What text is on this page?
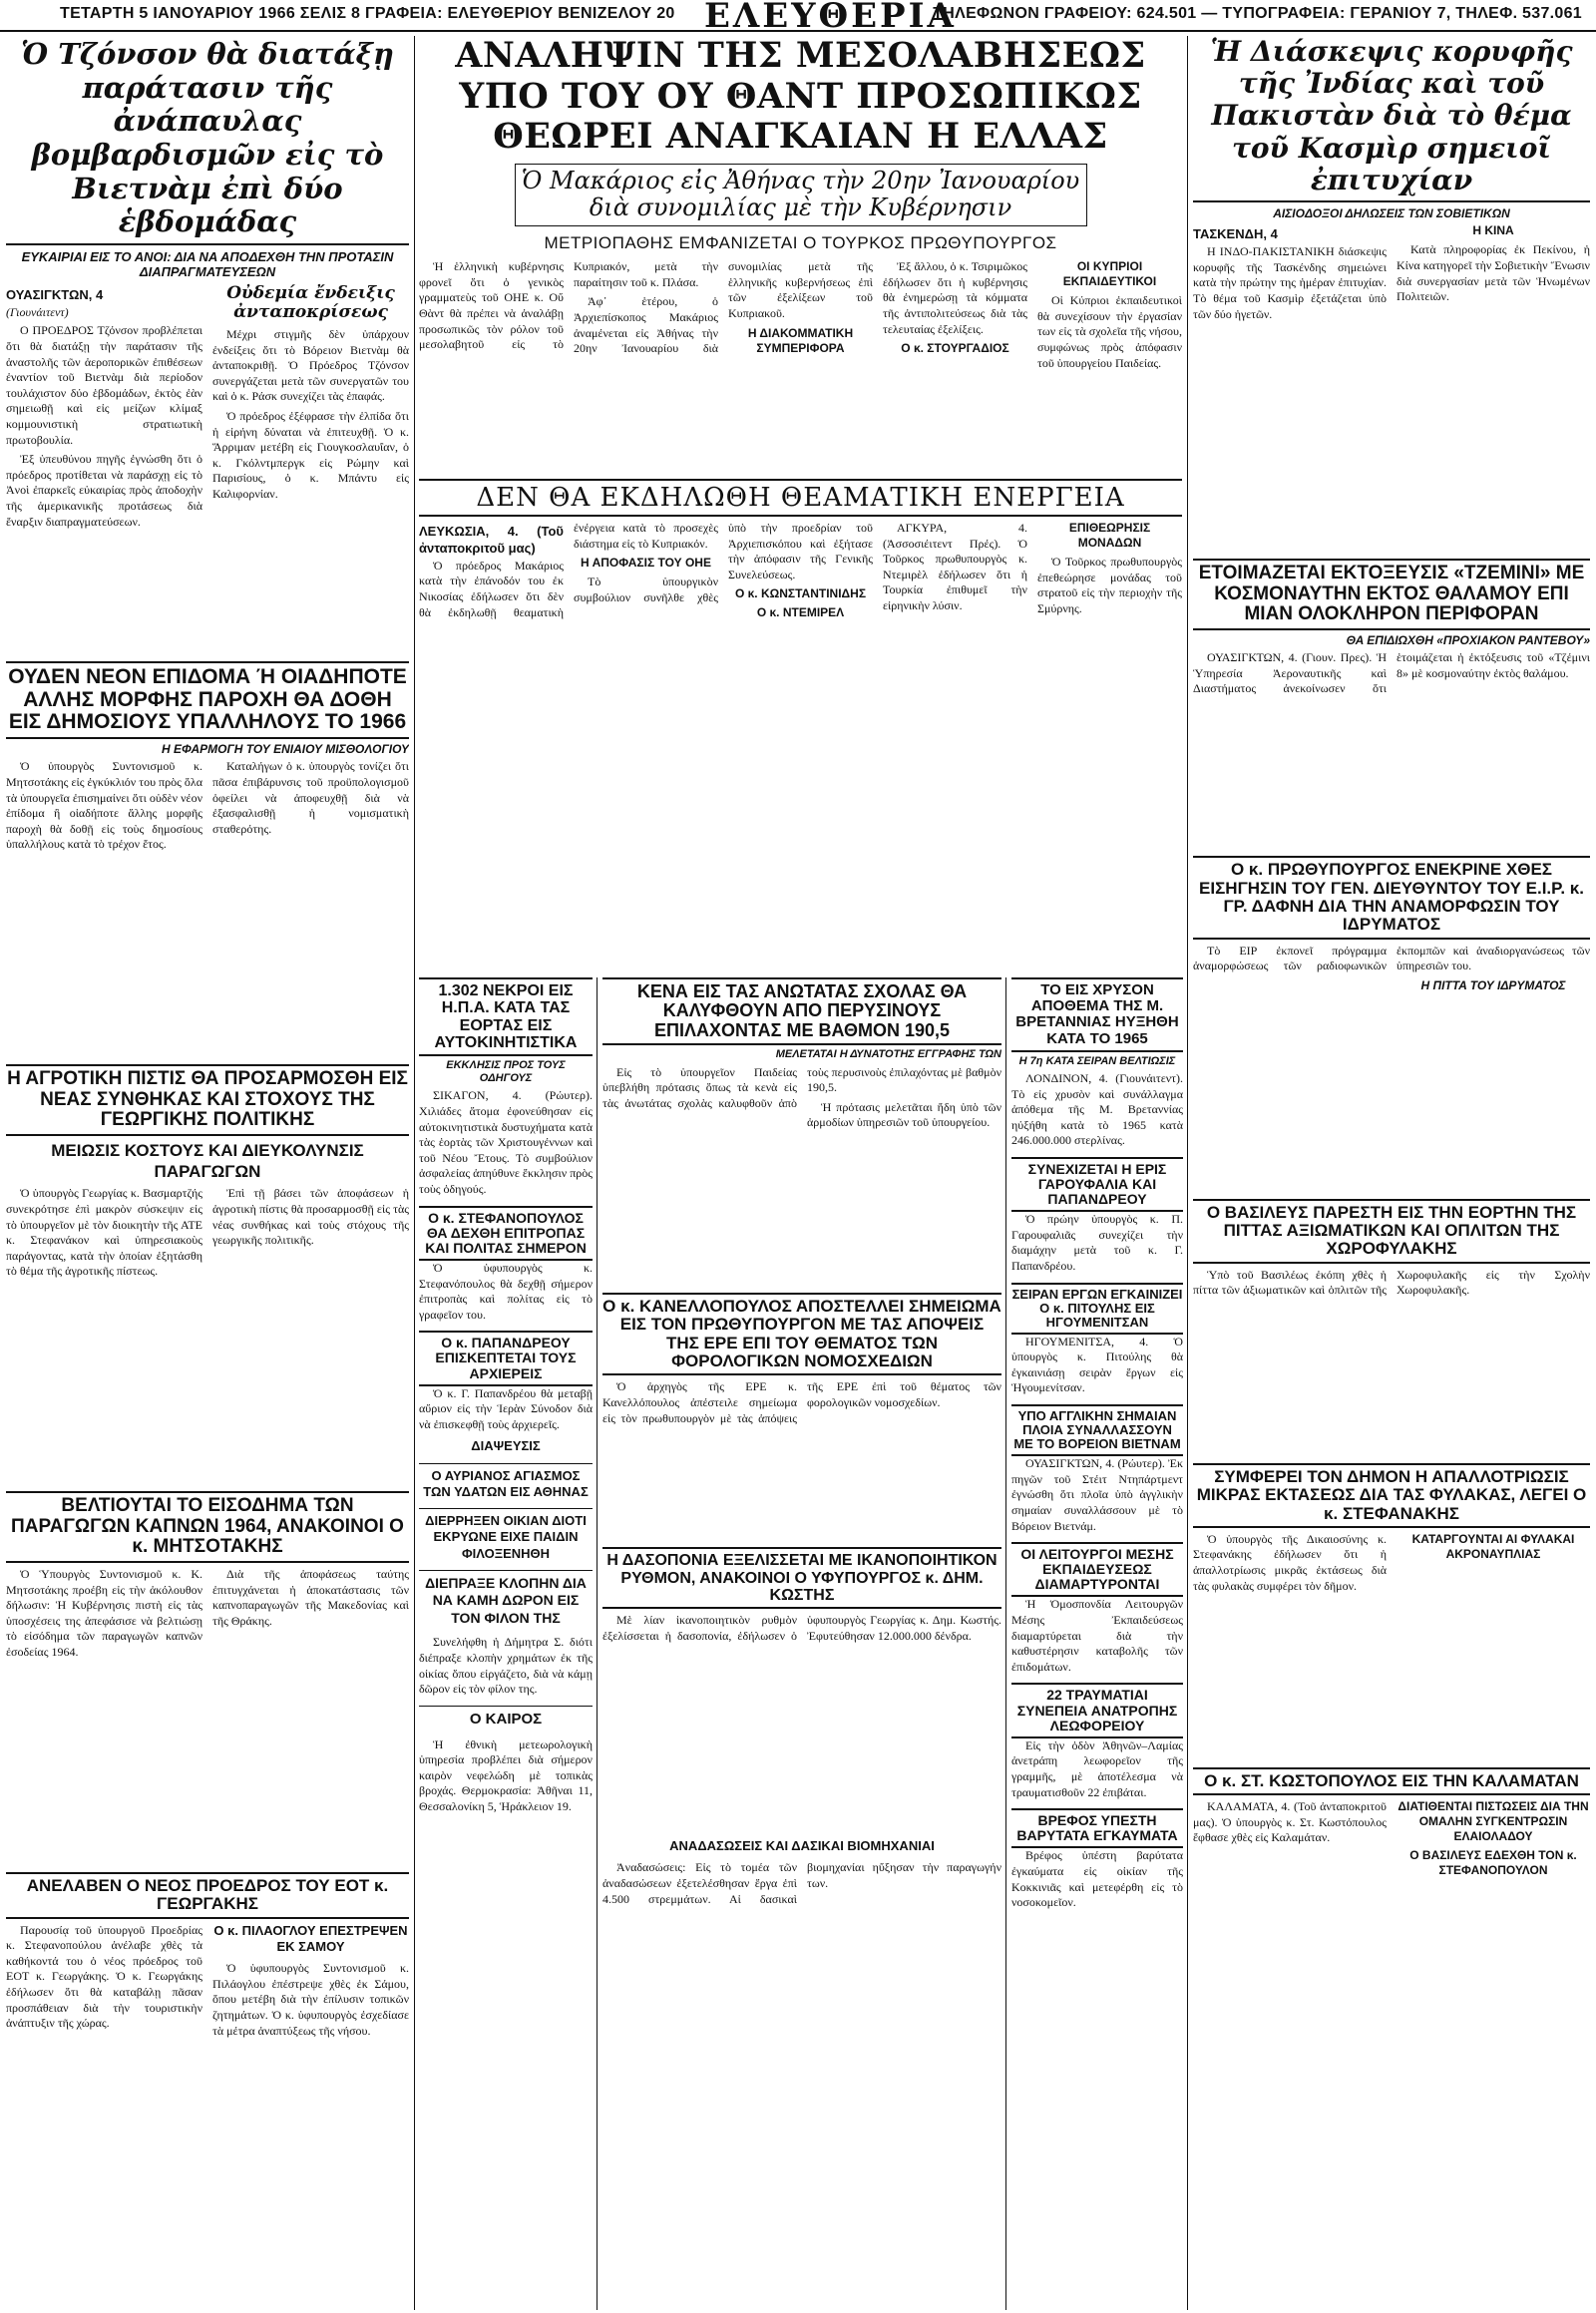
ΤΕΤΑΡΤΗ 5 ΙΑΝΟΥΑΡΙΟΥ 1966 ΣΕΛΙΣ 8 ΓΡΑΦΕΙΑ: ΕΛΕΥΘΕΡΙΟΥ ΒΕΝΙΖΕΛΟΥ 20 ΕΛΕΥΘΕΡΙΑ
ΤΗΛΕΦΩΝΟΝ ΓΡΑΦΕΙΟΥ: 624.501 — ΤΥΠΟΓΡΑΦΕΙΑ: ΓΕΡΑΝΙΟΥ 7, ΤΗΛΕΦ. 537.061
Ὁ Τζόνσον θὰ διατάξῃ παράτασιν τῆς ἀνάπαυλας βομβαρδισμῶν εἰς τὸ Βιετνὰμ ἐπὶ δύο ἑβδομάδας
ΕΥΚΑΙΡΙΑΙ ΕΙΣ ΤΟ ΑΝΟΙ: ΔΙΑ ΝΑ ΑΠΟΔΕΧΘΗ ΤΗΝ ΠΡΟΤΑΣΙΝ ΔΙΑΠΡΑΓΜΑΤΕΥΣΕΩΝ
ΟΥΑΣΙΓΚΤΩΝ, 4
(Γιουνάιτεντ)

Ο ΠΡΟΕΔΡΟΣ Τζόνσον προβλέπεται ὅτι θὰ διατάξῃ τὴν παράτασιν τῆς ἀναστολῆς τῶν ἀεροπορικῶν ἐπιθέσεων ἐναντίον τοῦ Βιετνὰμ διὰ περίοδον τουλάχιστον δύο ἑβδομάδων, ἐκτὸς ἐὰν σημειωθῇ καὶ εἰς μείζων κλίμαξ κομμουνιστικὴ στρατιωτικὴ πρωτοβουλία.

Ἐξ ὑπευθύνου πηγῆς ἐγνώσθη ὅτι ὁ πρόεδρος προτίθεται νὰ παράσχῃ εἰς τὸ Ἀνοὶ ἐπαρκεῖς εὐκαιρίας πρὸς ἀποδοχὴν τῆς ἀμερικανικῆς προτάσεως διὰ ἔναρξιν διαπραγματεύσεων.

Οὐδεμία ἔνδειξις ἀνταποκρίσεως

Μέχρι στιγμῆς δὲν ὑπάρχουν ἐνδείξεις ὅτι τὸ Βόρειον Βιετνὰμ θὰ ἀνταποκριθῇ. Ὁ Πρόεδρος Τζόνσον συνεργάζεται μετὰ τῶν συνεργατῶν του καὶ ὁ κ. Ράσκ συνεχίζει τὰς ἐπαφάς.

Ὁ πρόεδρος ἐξέφρασε τὴν ἐλπίδα ὅτι ἡ εἰρήνη δύναται νὰ ἐπιτευχθῇ. Ὁ κ. Ἅρριμαν μετέβη εἰς Γιουγκοσλαυΐαν, ὁ κ. Γκόλντμπεργκ εἰς Ρώμην καὶ Παρισίους, ὁ κ. Μπάντυ εἰς Καλιφορνίαν.

ΟΥΔΕΝ ΝΕΟΝ ΕΠΙΔΟΜΑ Ή ΟΙΑΔΗΠΟΤΕ ΑΛΛΗΣ ΜΟΡΦΗΣ ΠΑΡΟΧΗ ΘΑ ΔΟΘΗ ΕΙΣ ΔΗΜΟΣΙΟΥΣ ΥΠΑΛΛΗΛΟΥΣ ΤΟ 1966
Η ΕΦΑΡΜΟΓΗ ΤΟΥ ΕΝΙΑΙΟΥ ΜΙΣΘΟΛΟΓΙΟΥ

Ὁ ὑπουργὸς Συντονισμοῦ κ. Μητσοτάκης εἰς ἐγκύκλιόν του πρὸς ὅλα τὰ ὑπουργεῖα ἐπισημαίνει ὅτι οὐδὲν νέον ἐπίδομα ἢ οἱαδήποτε ἄλλης μορφῆς παροχὴ θὰ δοθῇ εἰς τοὺς δημοσίους ὑπαλλήλους κατὰ τὸ τρέχον ἔτος.

Καταλήγων ὁ κ. ὑπουργὸς τονίζει ὅτι πᾶσα ἐπιβάρυνσις τοῦ προϋπολογισμοῦ ὀφείλει νὰ ἀποφευχθῇ διὰ νὰ ἐξασφαλισθῇ ἡ νομισματικὴ σταθερότης.

Η ΑΓΡΟΤΙΚΗ ΠΙΣΤΙΣ ΘΑ ΠΡΟΣΑΡΜΟΣΘΗ ΕΙΣ ΝΕΑΣ ΣΥΝΘΗΚΑΣ ΚΑΙ ΣΤΟΧΟΥΣ ΤΗΣ ΓΕΩΡΓΙΚΗΣ ΠΟΛΙΤΙΚΗΣ
ΜΕΙΩΣΙΣ ΚΟΣΤΟΥΣ ΚΑΙ ΔΙΕΥΚΟΛΥΝΣΙΣ ΠΑΡΑΓΩΓΩΝ

Ὁ ὑπουργὸς Γεωργίας κ. Βασμαρτζής συνεκρότησε ἐπὶ μακρὸν σύσκεψιν εἰς τὸ ὑπουργεῖον μὲ τὸν διοικητὴν τῆς ΑΤΕ κ. Στεφανάκον καὶ ὑπηρεσιακοὺς παράγοντας, κατὰ τὴν ὁποίαν ἐξητάσθη τὸ θέμα τῆς ἀγροτικῆς πίστεως.

Ἐπὶ τῇ βάσει τῶν ἀποφάσεων ἡ ἀγροτικὴ πίστις θὰ προσαρμοσθῇ εἰς τὰς νέας συνθήκας καὶ τοὺς στόχους τῆς γεωργικῆς πολιτικῆς.

ΒΕΛΤΙΟΥΤΑΙ ΤΟ ΕΙΣΟΔΗΜΑ ΤΩΝ ΠΑΡΑΓΩΓΩΝ ΚΑΠΝΩΝ 1964, ΑΝΑΚΟΙΝΟΙ Ο κ. ΜΗΤΣΟΤΑΚΗΣ

Ὁ Ὑπουργὸς Συντονισμοῦ κ. Κ. Μητσοτάκης προέβη εἰς τὴν ἀκόλουθον δήλωσιν: Ἡ Κυβέρνησις πιστὴ εἰς τὰς ὑποσχέσεις της ἀπεφάσισε νὰ βελτιώσῃ τὸ εἰσόδημα τῶν παραγωγῶν καπνῶν ἐσοδείας 1964.

Διὰ τῆς ἀποφάσεως ταύτης ἐπιτυγχάνεται ἡ ἀποκατάστασις τῶν καπνοπαραγωγῶν τῆς Μακεδονίας καὶ τῆς Θράκης.

ΑΝΕΛΑΒΕΝ Ο ΝΕΟΣ ΠΡΟΕΔΡΟΣ ΤΟΥ ΕΟΤ κ. ΓΕΩΡΓΑΚΗΣ

Παρουσίᾳ τοῦ ὑπουργοῦ Προεδρίας κ. Στεφανοπούλου ἀνέλαβε χθὲς τὰ καθήκοντά του ὁ νέος πρόεδρος τοῦ ΕΟΤ κ. Γεωργάκης. Ὁ κ. Γεωργάκης ἐδήλωσεν ὅτι θὰ καταβάλῃ πᾶσαν προσπάθειαν διὰ τὴν τουριστικὴν ἀνάπτυξιν τῆς χώρας.

Ο κ. ΠΙΛΑΟΓΛΟΥ ΕΠΕΣΤΡΕΨΕΝ ΕΚ ΣΑΜΟΥ

Ὁ ὑφυπουργὸς Συντονισμοῦ κ. Πιλάογλου ἐπέστρεψε χθὲς ἐκ Σάμου, ὅπου μετέβη διὰ τὴν ἐπίλυσιν τοπικῶν ζητημάτων. Ὁ κ. ὑφυπουργὸς ἐσχεδίασε τὰ μέτρα ἀναπτύξεως τῆς νήσου.

ΑΝΑΛΗΨΙΝ ΤΗΣ ΜΕΣΟΛΑΒΗΣΕΩΣ ΥΠΟ ΤΟΥ ΟΥ ΘΑΝΤ ΠΡΟΣΩΠΙΚΩΣ ΘΕΩΡΕΙ ΑΝΑΓΚΑΙΑΝ Η ΕΛΛΑΣ
Ὁ Μακάριος εἰς Ἀθήνας τὴν 20ην Ἰανουαρίου διὰ συνομιλίας μὲ τὴν Κυβέρνησιν
ΜΕΤΡΙΟΠΑΘΗΣ ΕΜΦΑΝΙΖΕΤΑΙ Ο ΤΟΥΡΚΟΣ ΠΡΩΘΥΠΟΥΡΓΟΣ

Ἡ ἑλληνικὴ κυβέρνησις φρονεῖ ὅτι ὁ γενικὸς γραμματεὺς τοῦ ΟΗΕ κ. Οὔ Θὰντ θὰ πρέπει νὰ ἀναλάβῃ προσωπικῶς τὸν ρόλον τοῦ μεσολαβητοῦ εἰς τὸ Κυπριακόν, μετὰ τὴν παραίτησιν τοῦ κ. Πλάσα.

Ἀφ᾽ ἑτέρου, ὁ Ἀρχιεπίσκοπος Μακάριος ἀναμένεται εἰς Ἀθήνας τὴν 20ην Ἰανουαρίου διὰ συνομιλίας μετὰ τῆς ἑλληνικῆς κυβερνήσεως ἐπὶ τῶν ἐξελίξεων τοῦ Κυπριακοῦ.

Η ΔΙΑΚΟΜΜΑΤΙΚΗ ΣΥΜΠΕΡΙΦΟΡΑ

Ἐξ ἄλλου, ὁ κ. Τσιριμῶκος ἐδήλωσεν ὅτι ἡ κυβέρνησις θὰ ἐνημερώσῃ τὰ κόμματα τῆς ἀντιπολιτεύσεως διὰ τὰς τελευταίας ἐξελίξεις.

Ο κ. ΣΤΟΥΡΓΑΔΙΟΣ
ΟΙ ΚΥΠΡΙΟΙ ΕΚΠΑΙΔΕΥΤΙΚΟΙ

Οἱ Κύπριοι ἐκπαιδευτικοὶ θὰ συνεχίσουν τὴν ἐργασίαν των εἰς τὰ σχολεῖα τῆς νήσου, συμφώνως πρὸς ἀπόφασιν τοῦ ὑπουργείου Παιδείας.

ΔΕΝ ΘΑ ΕΚΔΗΛΩΘΗ ΘΕΑΜΑΤΙΚΗ ΕΝΕΡΓΕΙΑ
ΛΕΥΚΩΣΙΑ, 4. (Τοῦ ἀνταποκριτοῦ μας)

Ὁ πρόεδρος Μακάριος κατὰ τὴν ἐπάνοδόν του ἐκ Νικοσίας ἐδήλωσεν ὅτι δὲν θὰ ἐκδηλωθῇ θεαματικὴ ἐνέργεια κατὰ τὸ προσεχὲς διάστημα εἰς τὸ Κυπριακόν.

Η ΑΠΟΦΑΣΙΣ ΤΟΥ ΟΗΕ

Τὸ ὑπουργικὸν συμβούλιον συνῆλθε χθὲς ὑπὸ τὴν προεδρίαν τοῦ Ἀρχιεπισκόπου καὶ ἐξήτασε τὴν ἀπόφασιν τῆς Γενικῆς Συνελεύσεως.

Ο κ. ΚΩΝΣΤΑΝΤΙΝΙΔΗΣ
Ο κ. ΝΤΕΜΙΡΕΛ

ΑΓΚΥΡΑ, 4. (Ἀσσοσιέιτεντ Πρές). Ὁ Τοῦρκος πρωθυπουργὸς κ. Ντεμιρὲλ ἐδήλωσεν ὅτι ἡ Τουρκία ἐπιθυμεῖ τὴν εἰρηνικὴν λύσιν.

ΕΠΙΘΕΩΡΗΣΙΣ ΜΟΝΑΔΩΝ

Ὁ Τοῦρκος πρωθυπουργὸς ἐπεθεώρησε μονάδας τοῦ στρατοῦ εἰς τὴν περιοχὴν τῆς Σμύρνης.

1.302 ΝΕΚΡΟΙ ΕΙΣ Η.Π.Α. ΚΑΤΑ ΤΑΣ ΕΟΡΤΑΣ ΕΙΣ ΑΥΤΟΚΙΝΗΤΙΣΤΙΚΑ
ΕΚΚΛΗΣΙΣ ΠΡΟΣ ΤΟΥΣ ΟΔΗΓΟΥΣ

ΣΙΚΑΓΟΝ, 4. (Ρώυτερ). Χιλιάδες ἄτομα ἐφονεύθησαν εἰς αὐτοκινητιστικὰ δυστυχήματα κατὰ τὰς ἑορτὰς τῶν Χριστουγέννων καὶ τοῦ Νέου Ἔτους. Τὸ συμβούλιον ἀσφαλείας ἀπηύθυνε ἔκκλησιν πρὸς τοὺς ὁδηγούς.

Ο κ. ΣΤΕΦΑΝΟΠΟΥΛΟΣ ΘΑ ΔΕΧΘΗ ΕΠΙΤΡΟΠΑΣ ΚΑΙ ΠΟΛΙΤΑΣ ΣΗΜΕΡΟΝ

Ὁ ὑφυπουργὸς κ. Στεφανόπουλος θὰ δεχθῇ σήμερον ἐπιτροπὰς καὶ πολίτας εἰς τὸ γραφεῖον του.

Ο κ. ΠΑΠΑΝΔΡΕΟΥ ΕΠΙΣΚΕΠΤΕΤΑΙ ΤΟΥΣ ΑΡΧΙΕΡΕΙΣ

Ὁ κ. Γ. Παπανδρέου θὰ μεταβῇ αὔριον εἰς τὴν Ἱερὰν Σύνοδον διὰ νὰ ἐπισκεφθῇ τοὺς ἀρχιερεῖς.

ΔΙΑΨΕΥΣΙΣ
Ο ΑΥΡΙΑΝΟΣ ΑΓΙΑΣΜΟΣ ΤΩΝ ΥΔΑΤΩΝ ΕΙΣ ΑΘΗΝΑΣ
ΔΙΕΡΡΗΞΕΝ ΟΙΚΙΑΝ ΔΙΟΤΙ ΕΚΡΥΩΝΕ ΕΙΧΕ ΠΑΙΔΙΝ ΦΙΛΟΞΕΝΗΘΗ
ΔΙΕΠΡΑΞΕ ΚΛΟΠΗΝ ΔΙΑ ΝΑ ΚΑΜΗ ΔΩΡΟΝ ΕΙΣ ΤΟΝ ΦΙΛΟΝ ΤΗΣ

Συνελήφθη ἡ Δήμητρα Σ. διότι διέπραξε κλοπὴν χρημάτων ἐκ τῆς οἰκίας ὅπου εἰργάζετο, διὰ νὰ κάμῃ δῶρον εἰς τὸν φίλον της.

Ο ΚΑΙΡΟΣ

Ἡ ἐθνικὴ μετεωρολογικὴ ὑπηρεσία προβλέπει διὰ σήμερον καιρὸν νεφελώδη μὲ τοπικὰς βροχάς. Θερμοκρασία: Ἀθῆναι 11, Θεσσαλονίκη 5, Ἡράκλειον 19.

ΚΕΝΑ ΕΙΣ ΤΑΣ ΑΝΩΤΑΤΑΣ ΣΧΟΛΑΣ ΘΑ ΚΑΛΥΦΘΟΥΝ ΑΠΟ ΠΕΡΥΣΙΝΟΥΣ ΕΠΙΛΑΧΟΝΤΑΣ ΜΕ ΒΑΘΜΟΝ 190,5
ΜΕΛΕΤΑΤΑΙ Η ΔΥΝΑΤΟΤΗΣ ΕΓΓΡΑΦΗΣ ΤΩΝ

Εἰς τὸ ὑπουργεῖον Παιδείας ὑπεβλήθη πρότασις ὅπως τὰ κενὰ εἰς τὰς ἀνωτάτας σχολὰς καλυφθοῦν ἀπὸ τοὺς περυσινοὺς ἐπιλαχόντας μὲ βαθμὸν 190,5.

Ἡ πρότασις μελετᾶται ἤδη ὑπὸ τῶν ἁρμοδίων ὑπηρεσιῶν τοῦ ὑπουργείου.

Ο κ. ΚΑΝΕΛΛΟΠΟΥΛΟΣ ΑΠΟΣΤΕΛΛΕΙ ΣΗΜΕΙΩΜΑ ΕΙΣ ΤΟΝ ΠΡΩΘΥΠΟΥΡΓΟΝ ΜΕ ΤΑΣ ΑΠΟΨΕΙΣ ΤΗΣ ΕΡΕ ΕΠΙ ΤΟΥ ΘΕΜΑΤΟΣ ΤΩΝ ΦΟΡΟΛΟΓΙΚΩΝ ΝΟΜΟΣΧΕΔΙΩΝ

Ὁ ἀρχηγὸς τῆς ΕΡΕ κ. Κανελλόπουλος ἀπέστειλε σημείωμα εἰς τὸν πρωθυπουργὸν μὲ τὰς ἀπόψεις τῆς ΕΡΕ ἐπὶ τοῦ θέματος τῶν φορολογικῶν νομοσχεδίων.

Η ΔΑΣΟΠΟΝΙΑ ΕΞΕΛΙΣΣΕΤΑΙ ΜΕ ΙΚΑΝΟΠΟΙΗΤΙΚΟΝ ΡΥΘΜΟΝ, ΑΝΑΚΟΙΝΟΙ Ο ΥΦΥΠΟΥΡΓΟΣ κ. ΔΗΜ. ΚΩΣΤΗΣ

Μὲ λίαν ἱκανοποιητικὸν ρυθμὸν ἐξελίσσεται ἡ δασοπονία, ἐδήλωσεν ὁ ὑφυπουργὸς Γεωργίας κ. Δημ. Κωστής. Ἐφυτεύθησαν 12.000.000 δένδρα.

ΑΝΑΔΑΣΩΣΕΙΣ ΚΑΙ ΔΑΣΙΚΑΙ ΒΙΟΜΗΧΑΝΙΑΙ

Ἀναδασώσεις: Εἰς τὸ τομέα τῶν ἀναδασώσεων ἐξετελέσθησαν ἔργα ἐπὶ 4.500 στρεμμάτων. Αἱ δασικαὶ βιομηχανίαι ηὔξησαν τὴν παραγωγήν των.

ΤΟ ΕΙΣ ΧΡΥΣΟΝ ΑΠΟΘΕΜΑ ΤΗΣ Μ. ΒΡΕΤΑΝΝΙΑΣ ΗΥΞΗΘΗ ΚΑΤΑ ΤΟ 1965
Η 7η ΚΑΤΑ ΣΕΙΡΑΝ ΒΕΛΤΙΩΣΙΣ

ΛΟΝΔΙΝΟΝ, 4. (Γιουνάιτεντ). Τὸ εἰς χρυσὸν καὶ συνάλλαγμα ἀπόθεμα τῆς Μ. Βρεταννίας ηὐξήθη κατὰ τὸ 1965 κατὰ 246.000.000 στερλίνας.

ΣΥΝΕΧΙΖΕΤΑΙ Η ΕΡΙΣ ΓΑΡΟΥΦΑΛΙΑ ΚΑΙ ΠΑΠΑΝΔΡΕΟΥ

Ὁ πρώην ὑπουργὸς κ. Π. Γαρουφαλιᾶς συνεχίζει τὴν διαμάχην μετὰ τοῦ κ. Γ. Παπανδρέου.

ΣΕΙΡΑΝ ΕΡΓΩΝ ΕΓΚΑΙΝΙΖΕΙ Ο κ. ΠΙΤΟΥΛΗΣ ΕΙΣ ΗΓΟΥΜΕΝΙΤΣΑΝ

ΗΓΟΥΜΕΝΙΤΣΑ, 4. Ὁ ὑπουργὸς κ. Πιτούλης θὰ ἐγκαινιάσῃ σειρὰν ἔργων εἰς Ἡγουμενίτσαν.

ΥΠΟ ΑΓΓΛΙΚΗΝ ΣΗΜΑΙΑΝ ΠΛΟΙΑ ΣΥΝΑΛΛΑΣΣΟΥΝ ΜΕ ΤΟ ΒΟΡΕΙΟΝ ΒΙΕΤΝΑΜ

ΟΥΑΣΙΓΚΤΩΝ, 4. (Ρώυτερ). Ἐκ πηγῶν τοῦ Στέιτ Ντηπάρτμεντ ἐγνώσθη ὅτι πλοῖα ὑπὸ ἀγγλικὴν σημαίαν συναλλάσσουν μὲ τὸ Βόρειον Βιετνάμ.

ΟΙ ΛΕΙΤΟΥΡΓΟΙ ΜΕΣΗΣ ΕΚΠΑΙΔΕΥΣΕΩΣ ΔΙΑΜΑΡΤΥΡΟΝΤΑΙ

Ἡ Ὁμοσπονδία Λειτουργῶν Μέσης Ἐκπαιδεύσεως διαμαρτύρεται διὰ τὴν καθυστέρησιν καταβολῆς τῶν ἐπιδομάτων.

22 ΤΡΑΥΜΑΤΙΑΙ ΣΥΝΕΠΕΙΑ ΑΝΑΤΡΟΠΗΣ ΛΕΩΦΟΡΕΙΟΥ

Εἰς τὴν ὁδὸν Ἀθηνῶν–Λαμίας ἀνετράπη λεωφορεῖον τῆς γραμμῆς, μὲ ἀποτέλεσμα νὰ τραυματισθοῦν 22 ἐπιβάται.

ΒΡΕΦΟΣ ΥΠΕΣΤΗ ΒΑΡΥΤΑΤΑ ΕΓΚΑΥΜΑΤΑ

Βρέφος ὑπέστη βαρύτατα ἐγκαύματα εἰς οἰκίαν τῆς Κοκκινιᾶς καὶ μετεφέρθη εἰς τὸ νοσοκομεῖον.

Ἡ Διάσκεψις κορυφῆς τῆς Ἰνδίας καὶ τοῦ Πακιστὰν διὰ τὸ θέμα τοῦ Κασμὶρ σημειοῖ ἐπιτυχίαν
ΑΙΣΙΟΔΟΞΟΙ ΔΗΛΩΣΕΙΣ ΤΩΝ ΣΟΒΙΕΤΙΚΩΝ
ΤΑΣΚΕΝΔΗ, 4

Η ΙΝΔΟ-ΠΑΚΙΣΤΑΝΙΚΗ διάσκεψις κορυφῆς τῆς Τασκένδης σημειώνει κατὰ τὴν πρώτην της ἡμέραν ἐπιτυχίαν. Τὸ θέμα τοῦ Κασμὶρ ἐξετάζεται ὑπὸ τῶν δύο ἡγετῶν.

Η ΚΙΝΑ

Κατὰ πληροφορίας ἐκ Πεκίνου, ἡ Κίνα κατηγορεῖ τὴν Σοβιετικὴν Ἕνωσιν διὰ συνεργασίαν μετὰ τῶν Ἡνωμένων Πολιτειῶν.

ΕΤΟΙΜΑΖΕΤΑΙ ΕΚΤΟΞΕΥΣΙΣ «ΤΖΕΜΙΝΙ» ΜΕ ΚΟΣΜΟΝΑΥΤΗΝ ΕΚΤΟΣ ΘΑΛΑΜΟΥ ΕΠΙ ΜΙΑΝ ΟΛΟΚΛΗΡΟΝ ΠΕΡΙΦΟΡΑΝ
ΘΑ ΕΠΙΔΙΩΧΘΗ «ΠΡΟΧΙΑΚΟΝ ΡΑΝΤΕΒΟΥ»

ΟΥΑΣΙΓΚΤΩΝ, 4. (Γιουν. Πρες). Ἡ Ὑπηρεσία Ἀεροναυτικῆς καὶ Διαστήματος ἀνεκοίνωσεν ὅτι ἑτοιμάζεται ἡ ἐκτόξευσις τοῦ «Τζέμινι 8» μὲ κοσμοναύτην ἐκτὸς θαλάμου.

Ο κ. ΠΡΩΘΥΠΟΥΡΓΟΣ ΕΝΕΚΡΙΝΕ ΧΘΕΣ ΕΙΣΗΓΗΣΙΝ ΤΟΥ ΓΕΝ. ΔΙΕΥΘΥΝΤΟΥ ΤΟΥ Ε.Ι.Ρ. κ. ΓΡ. ΔΑΦΝΗ ΔΙΑ ΤΗΝ ΑΝΑΜΟΡΦΩΣΙΝ ΤΟΥ ΙΔΡΥΜΑΤΟΣ

Τὸ ΕΙΡ ἐκπονεῖ πρόγραμμα ἀναμορφώσεως τῶν ραδιοφωνικῶν ἐκπομπῶν καὶ ἀναδιοργανώσεως τῶν ὑπηρεσιῶν του.

Η ΠΙΤΤΑ ΤΟΥ ΙΔΡΥΜΑΤΟΣ
Ο ΒΑΣΙΛΕΥΣ ΠΑΡΕΣΤΗ ΕΙΣ ΤΗΝ ΕΟΡΤΗΝ ΤΗΣ ΠΙΤΤΑΣ ΑΞΙΩΜΑΤΙΚΩΝ ΚΑΙ ΟΠΛΙΤΩΝ ΤΗΣ ΧΩΡΟΦΥΛΑΚΗΣ

Ὑπὸ τοῦ Βασιλέως ἐκόπη χθὲς ἡ πίττα τῶν ἀξιωματικῶν καὶ ὁπλιτῶν τῆς Χωροφυλακῆς εἰς τὴν Σχολὴν Χωροφυλακῆς.

ΣΥΜΦΕΡΕΙ ΤΟΝ ΔΗΜΟΝ Η ΑΠΑΛΛΟΤΡΙΩΣΙΣ ΜΙΚΡΑΣ ΕΚΤΑΣΕΩΣ ΔΙΑ ΤΑΣ ΦΥΛΑΚΑΣ, ΛΕΓΕΙ Ο κ. ΣΤΕΦΑΝΑΚΗΣ

Ὁ ὑπουργὸς τῆς Δικαιοσύνης κ. Στεφανάκης ἐδήλωσεν ὅτι ἡ ἀπαλλοτρίωσις μικρᾶς ἐκτάσεως διὰ τὰς φυλακὰς συμφέρει τὸν δῆμον.

ΚΑΤΑΡΓΟΥΝΤΑΙ ΑΙ ΦΥΛΑΚΑΙ ΑΚΡΟΝΑΥΠΛΙΑΣ
Ο κ. ΣΤ. ΚΩΣΤΟΠΟΥΛΟΣ ΕΙΣ ΤΗΝ ΚΑΛΑΜΑΤΑΝ

ΚΑΛΑΜΑΤΑ, 4. (Τοῦ ἀνταποκριτοῦ μας). Ὁ ὑπουργὸς κ. Στ. Κωστόπουλος ἔφθασε χθὲς εἰς Καλαμάταν.

ΔΙΑΤΙΘΕΝΤΑΙ ΠΙΣΤΩΣΕΙΣ ΔΙΑ ΤΗΝ ΟΜΑΛΗΝ ΣΥΓΚΕΝΤΡΩΣΙΝ ΕΛΑΙΟΛΑΔΟΥ
Ο ΒΑΣΙΛΕΥΣ ΕΔΕΧΘΗ ΤΟΝ κ. ΣΤΕΦΑΝΟΠΟΥΛΟΝ
